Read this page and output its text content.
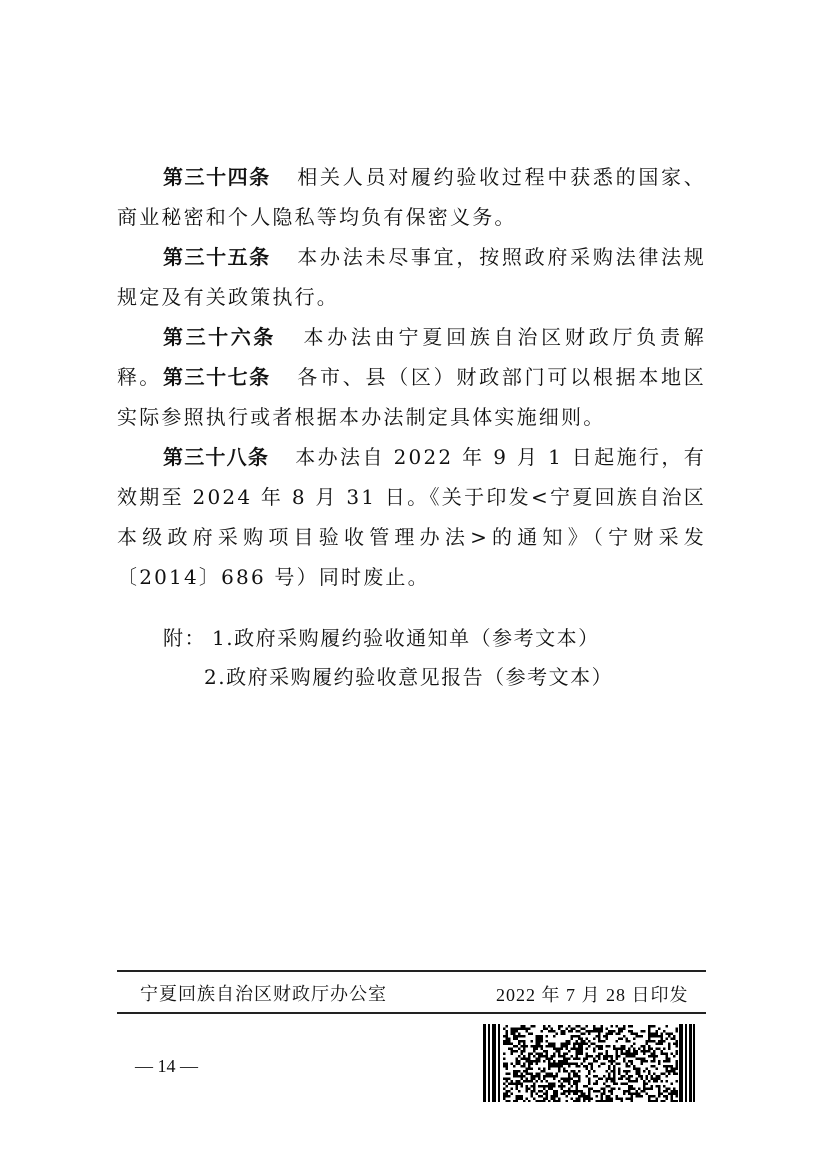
第三十四条 相关人员对履约验收过程中获悉的国家、商业秘密和个人隐私等均负有保密义务。
第三十五条 本办法未尽事宜，按照政府采购法律法规规定及有关政策执行。
第三十六条 本办法由宁夏回族自治区财政厅负责解释。 第三十七条 各市、县（区）财政部门可以根据本地区实际参照执行或者根据本办法制定具体实施细则。
第三十八条 本办法自 2022 年 9 月 1 日起施行，有效期至 2024 年 8 月 31 日。《关于印发<宁夏回族自治区本级政府采购项目验收管理办法>的通知》（宁财采发〔2014〕686 号）同时废止。
附： 1.政府采购履约验收通知单（参考文本）
2.政府采购履约验收意见报告（参考文本）
宁夏回族自治区财政厅办公室	2022 年 7 月 28 日印发
— 14 —
